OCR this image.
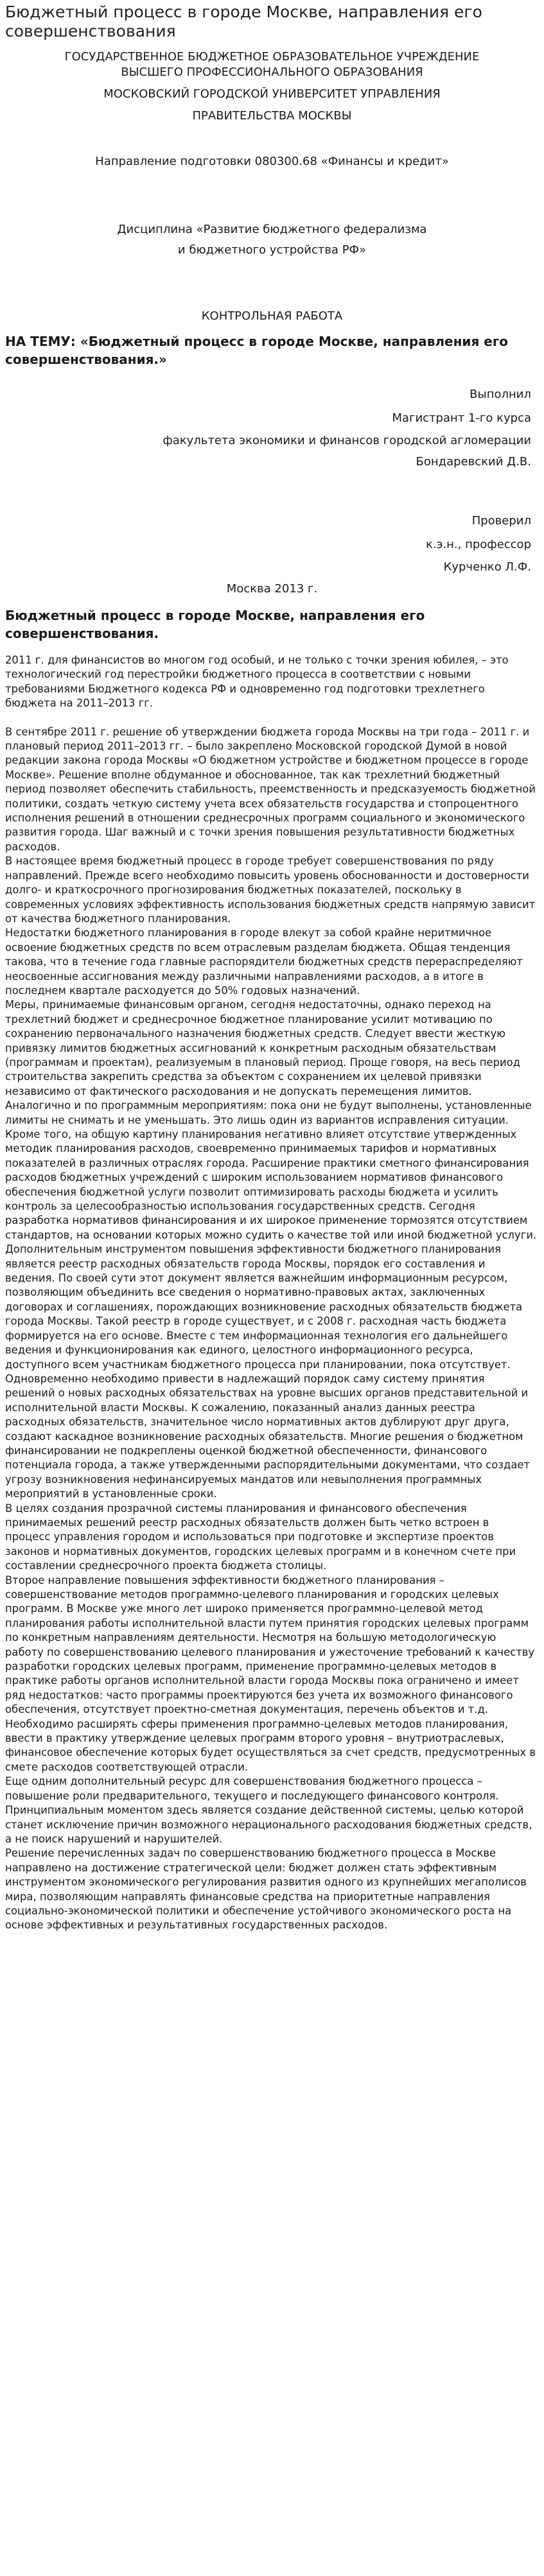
Бюджетный процесс в городе Москве, направления его совершенствования

ГОСУДАРСТВЕННОЕ БЮДЖЕТНОЕ ОБРАЗОВАТЕЛЬНОЕ УЧРЕЖДЕНИЕ

ВЫСШЕГО ПРОФЕССИОНАЛЬНОГО ОБРАЗОВАНИЯ

МОСКОВСКИЙ ГОРОДСКОЙ УНИВЕРСИТЕТ УПРАВЛЕНИЯ

ПРАВИТЕЛЬСТВА МОСКВЫ

Направление подготовки 080300.68 «Финансы и кредит»

Дисциплина «Развитие бюджетного федерализма

и бюджетного устройства РФ»

КОНТРОЛЬНАЯ РАБОТА

НА ТЕМУ: «Бюджетный процесс в городе Москве, направления его совершенствования.»

Выполнил

Магистрант 1-го курса

факультета экономики и финансов городской агломерации

Бондаревский Д.В.

Проверил

к.э.н., профессор

Курченко Л.Ф.

Москва 2013 г.

Бюджетный процесс в городе Москве, направления его совершенствования.

2011 г. для финансистов во многом год особый, и не только с точки зрения юбилея, – это технологический год перестройки бюджетного процесса в соответствии с новыми требованиями Бюджетного кодекса РФ и одновременно год подготовки трехлетнего бюджета на 2011–2013 гг.

В сентябре 2011 г. решение об утверждении бюджета города Москвы на три года – 2011 г. и плановый период 2011–2013 гг. – было закреплено Московской городской Думой в новой редакции закона города Москвы «О бюджетном устройстве и бюджетном процессе в городе Москве». Решение вполне обдуманное и обоснованное, так как трехлетний бюджетный период позволяет обеспечить стабильность, преемственность и предсказуемость бюджетной политики, создать четкую систему учета всех обязательств государства и стопроцентного исполнения решений в отношении среднесрочных программ социального и экономического развития города. Шаг важный и с точки зрения повышения результативности бюджетных расходов.

В настоящее время бюджетный процесс в городе требует совершенствования по ряду направлений. Прежде всего необходимо повысить уровень обоснованности и достоверности долго- и краткосрочного прогнозирования бюджетных показателей, поскольку в современных условиях эффективность использования бюджетных средств напрямую зависит от качества бюджетного планирования.

Недостатки бюджетного планирования в городе влекут за собой крайне неритмичное освоение бюджетных средств по всем отраслевым разделам бюджета. Общая тенденция такова, что в течение года главные распорядители бюджетных средств перераспределяют неосвоенные ассигнования между различными направлениями расходов, а в итоге в последнем квартале расходуется до 50% годовых назначений.

Меры, принимаемые финансовым органом, сегодня недостаточны, однако переход на трехлетний бюджет и среднесрочное бюджетное планирование усилит мотивацию по сохранению первоначального назначения бюджетных средств. Следует ввести жесткую привязку лимитов бюджетных ассигнований к конкретным расходным обязательствам (программам и проектам), реализуемым в плановый период. Проще говоря, на весь период строительства закрепить средства за объектом с сохранением их целевой привязки независимо от фактического расходования и не допускать перемещения лимитов. Аналогично и по программным мероприятиям: пока они не будут выполнены, установленные лимиты не снимать и не уменьшать. Это лишь один из вариантов исправления ситуации.

Кроме того, на общую картину планирования негативно влияет отсутствие утвержденных методик планирования расходов, своевременно принимаемых тарифов и нормативных показателей в различных отраслях города. Расширение практики сметного финансирования расходов бюджетных учреждений с широким использованием нормативов финансового обеспечения бюджетной услуги позволит оптимизировать расходы бюджета и усилить контроль за целесообразностью использования государственных средств. Сегодня разработка нормативов финансирования и их широкое применение тормозятся отсутствием стандартов, на основании которых можно судить о качестве той или иной бюджетной услуги.

Дополнительным инструментом повышения эффективности бюджетного планирования является реестр расходных обязательств города Москвы, порядок его составления и ведения. По своей сути этот документ является важнейшим информационным ресурсом, позволяющим объединить все сведения о нормативно-правовых актах, заключенных договорах и соглашениях, порождающих возникновение расходных обязательств бюджета города Москвы. Такой реестр в городе существует, и с 2008 г. расходная часть бюджета формируется на его основе. Вместе с тем информационная технология его дальнейшего ведения и функционирования как единого, целостного информационного ресурса, доступного всем участникам бюджетного процесса при планировании, пока отсутствует.

Одновременно необходимо привести в надлежащий порядок саму систему принятия решений о новых расходных обязательствах на уровне высших органов представительной и исполнительной власти Москвы. К сожалению, показанный анализ данных реестра расходных обязательств, значительное число нормативных актов дублируют друг друга, создают каскадное возникновение расходных обязательств. Многие решения о бюджетном финансировании не подкреплены оценкой бюджетной обеспеченности, финансового потенциала города, а также утвержденными распорядительными документами, что создает угрозу возникновения нефинансируемых мандатов или невыполнения программных мероприятий в установленные сроки.

В целях создания прозрачной системы планирования и финансового обеспечения принимаемых решений реестр расходных обязательств должен быть четко встроен в процесс управления городом и использоваться при подготовке и экспертизе проектов законов и нормативных документов, городских целевых программ и в конечном счете при составлении среднесрочного проекта бюджета столицы.

Второе направление повышения эффективности бюджетного планирования – совершенствование методов программно-целевого планирования и городских целевых программ. В Москве уже много лет широко применяется программно-целевой метод планирования работы исполнительной власти путем принятия городских целевых программ по конкретным направлениям деятельности. Несмотря на большую методологическую работу по совершенствованию целевого планирования и ужесточение требований к качеству разработки городских целевых программ, применение программно-целевых методов в практике работы органов исполнительной власти города Москвы пока ограничено и имеет ряд недостатков: часто программы проектируются без учета их возможного финансового обеспечения, отсутствует проектно-сметная документация, перечень объектов и т.д.

Необходимо расширять сферы применения программно-целевых методов планирования, ввести в практику утверждение целевых программ второго уровня – внутриотраслевых, финансовое обеспечение которых будет осуществляться за счет средств, предусмотренных в смете расходов соответствующей отрасли.

Еще одним дополнительный ресурс для совершенствования бюджетного процесса – повышение роли предварительного, текущего и последующего финансового контроля. Принципиальным моментом здесь является создание действенной системы, целью которой станет исключение причин возможного нерационального расходования бюджетных средств, а не поиск нарушений и нарушителей.

Решение перечисленных задач по совершенствованию бюджетного процесса в Москве направлено на достижение стратегической цели: бюджет должен стать эффективным инструментом экономического регулирования развития одного из крупнейших мегаполисов мира, позволяющим направлять финансовые средства на приоритетные направления социально-экономической политики и обеспечение устойчивого экономического роста на основе эффективных и результативных государственных расходов.
